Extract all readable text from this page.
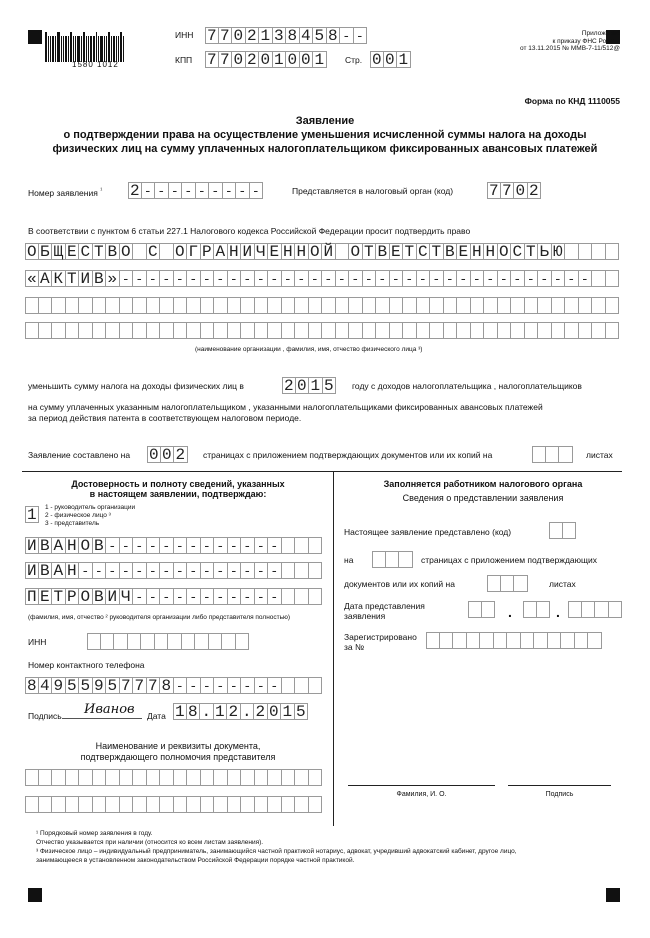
1580 1012
ИНН 7 7 0 2 1 3 8 4 5 8 - -
КПП 7 7 0 2 0 1 0 0 1 Стр. 0 0 1
Приложение
к приказу ФНС России
от 13.11.2015 № ММВ-7-11/512@
Форма по КНД 1110055
Заявление
о подтверждении права на осуществление уменьшения исчисленной суммы налога на доходы
физических лиц на сумму уплаченных налогоплательщиком фиксированных авансовых платежей
Номер заявления $^{^1}$ 2 - - - - - - - - -	Представляется в налоговый орган (код) 7 7 0 2
В соответствии с пунктом 6 статьи 227.1 Налогового кодекса Российской Федерации просит подтвердить право
О Б Щ Е С Т В О С О Г Р А Н И Ч Е Н Н О Й О Т В Е Т С Т В Е Н Н О С Т Ь Ю
« А К Т И В » - - - - - - - - - - - - - - - - - - - - - - - - - - - - - - - - - - -
(наименование организации , фамилия, имя, отчество физического лица ³)
уменьшить сумму налога на доходы физических лиц в	2 0 1 5 году с доходов налогоплательщика , налогоплательщиков
на сумму уплаченных указанным налогоплательщиком , указанными налогоплательщиками фиксированных авансовых платежей
за период действия патента в соответствующем налоговом периоде.
Заявление составлено на 0 0 2 страницах с приложением подтверждающих документов или их копий на	листах
Достоверность и полноту сведений, указанных
в настоящем заявлении, подтверждаю:
1	1 - руководитель организации
2 - физическое лицо ³
3 - представитель
И В А Н О В - - - - - - - - - - - - -
И В А Н - - - - - - - - - - - - - - -
П Е Т Р О В И Ч - - - - - - - - - - -
(фамилия, имя, отчество ² руководителя организации либо представителя полностью)
ИНН
Номер контактного телефона
8 4 9 5 5 9 5 7 7 7 8 - - - - - - - -
Подпись Иванов Дата 1 8 . 1 2 . 2 0 1 5
Наименование и реквизиты документа,
подтверждающего полномочия представителя
Заполняется работником налогового органа
Сведения о представлении заявления
Настоящее заявление представлено (код)
на	страницах с приложением подтверждающих
документов или их копий на	листах
Дата представления
заявления	.	.
Зарегистрировано
за №
Фамилия, И. О.	Подпись
¹ Порядковый номер заявления в году.
Отчество указывается при наличии (относится ко всем листам заявления).
³ Физическое лицо – индивидуальный предприниматель, занимающийся частной практикой нотариус, адвокат, учредивший адвокатский кабинет, другое лицо,
занимающееся в установленном законодательством Российской Федерации порядке частной практикой.
